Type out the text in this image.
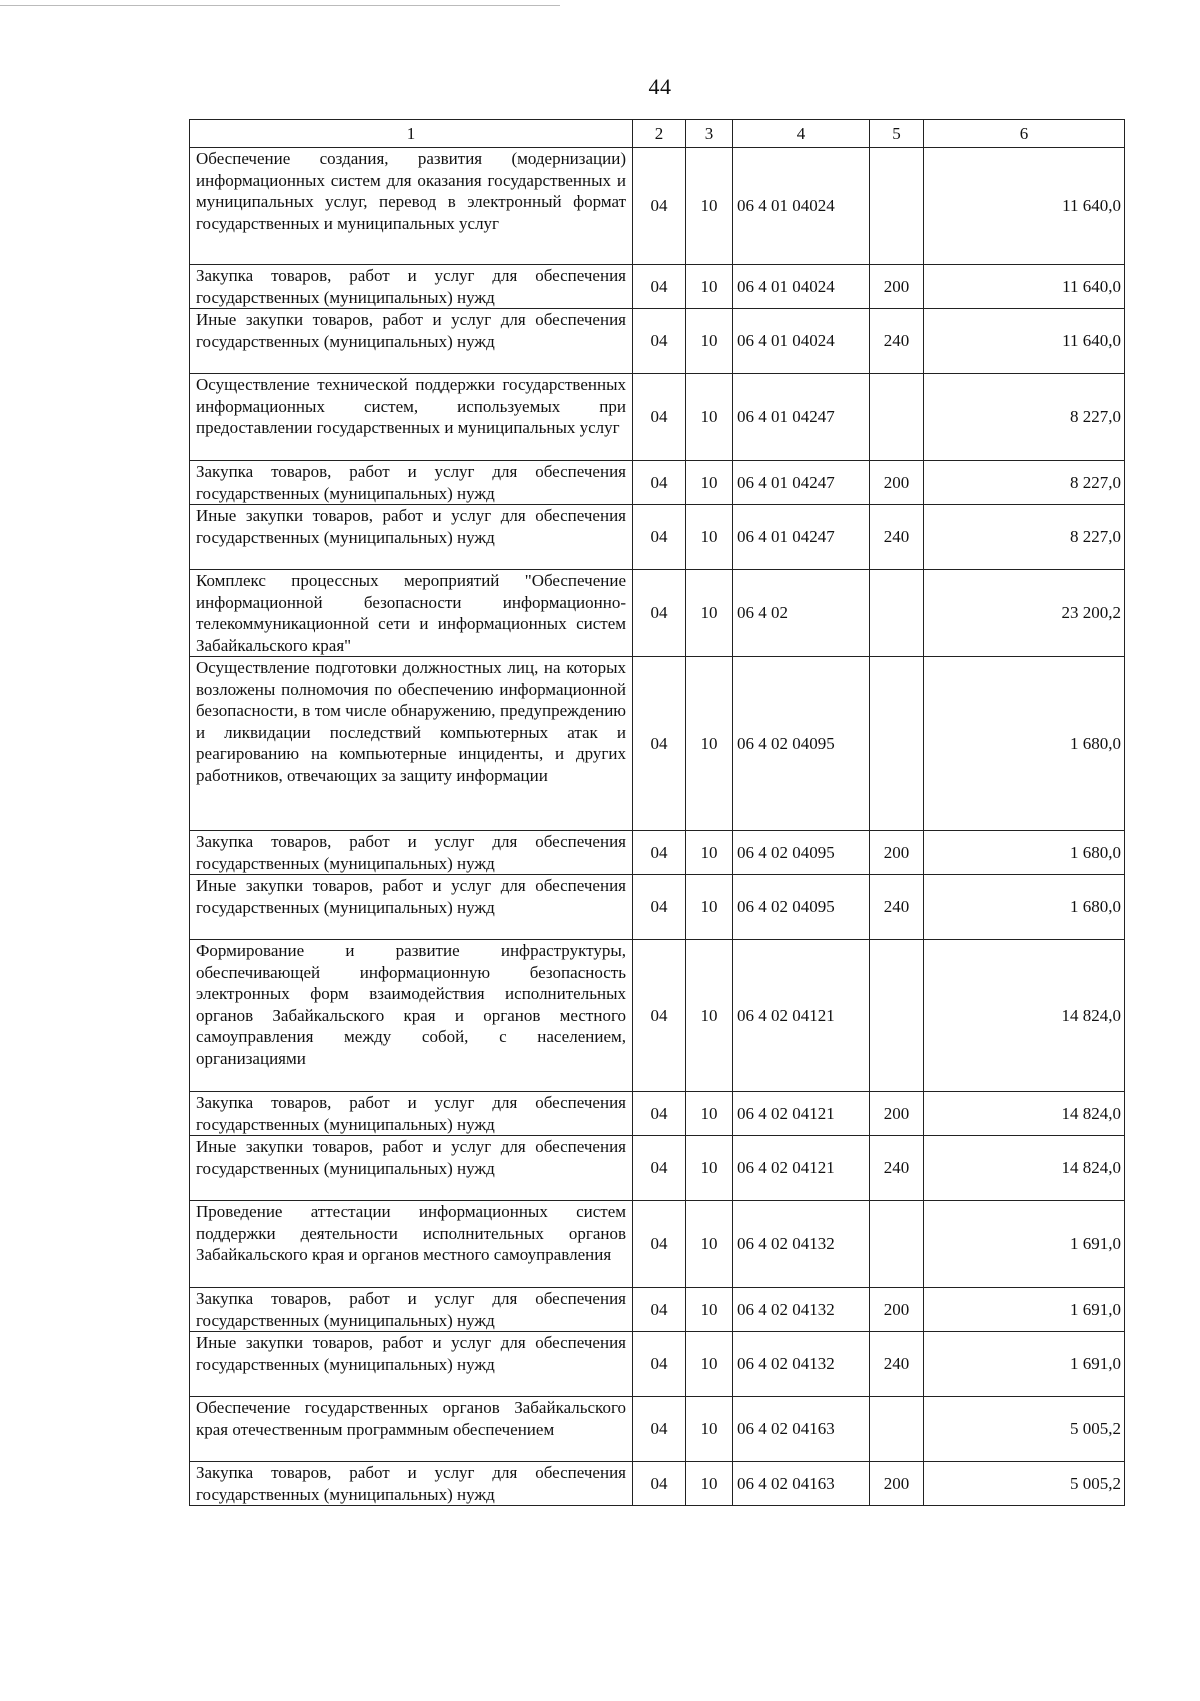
44
1	2	3	4	5	6
Обеспечение создания, развития (модернизации) информационных систем для оказания государственных и муниципальных услуг, перевод в электронный формат государственных и муниципальных услуг	04	10	06 4 01 04024		11 640,0
Закупка товаров, работ и услуг для обеспечения государственных (муниципальных) нужд	04	10	06 4 01 04024	200	11 640,0
Иные закупки товаров, работ и услуг для обеспечения государственных (муниципальных) нужд	04	10	06 4 01 04024	240	11 640,0
Осуществление технической поддержки государственных информационных систем, используемых при предоставлении государственных и муниципальных услуг	04	10	06 4 01 04247		8 227,0
Закупка товаров, работ и услуг для обеспечения государственных (муниципальных) нужд	04	10	06 4 01 04247	200	8 227,0
Иные закупки товаров, работ и услуг для обеспечения государственных (муниципальных) нужд	04	10	06 4 01 04247	240	8 227,0
Комплекс процессных мероприятий "Обеспечение информационной безопасности информационно-телекоммуникационной сети и информационных систем Забайкальского края"	04	10	06 4 02		23 200,2
Осуществление подготовки должностных лиц, на которых возложены полномочия по обеспечению информационной безопасности, в том числе обнаружению, предупреждению и ликвидации последствий компьютерных атак и реагированию на компьютерные инциденты, и других работников, отвечающих за защиту информации	04	10	06 4 02 04095		1 680,0
Закупка товаров, работ и услуг для обеспечения государственных (муниципальных) нужд	04	10	06 4 02 04095	200	1 680,0
Иные закупки товаров, работ и услуг для обеспечения государственных (муниципальных) нужд	04	10	06 4 02 04095	240	1 680,0
Формирование и развитие инфраструктуры, обеспечивающей информационную безопасность электронных форм взаимодействия исполнительных органов Забайкальского края и органов местного самоуправления между собой, с населением, организациями	04	10	06 4 02 04121		14 824,0
Закупка товаров, работ и услуг для обеспечения государственных (муниципальных) нужд	04	10	06 4 02 04121	200	14 824,0
Иные закупки товаров, работ и услуг для обеспечения государственных (муниципальных) нужд	04	10	06 4 02 04121	240	14 824,0
Проведение аттестации информационных систем поддержки деятельности исполнительных органов Забайкальского края и органов местного самоуправления	04	10	06 4 02 04132		1 691,0
Закупка товаров, работ и услуг для обеспечения государственных (муниципальных) нужд	04	10	06 4 02 04132	200	1 691,0
Иные закупки товаров, работ и услуг для обеспечения государственных (муниципальных) нужд	04	10	06 4 02 04132	240	1 691,0
Обеспечение государственных органов Забайкальского края отечественным программным обеспечением	04	10	06 4 02 04163		5 005,2
Закупка товаров, работ и услуг для обеспечения государственных (муниципальных) нужд	04	10	06 4 02 04163	200	5 005,2
